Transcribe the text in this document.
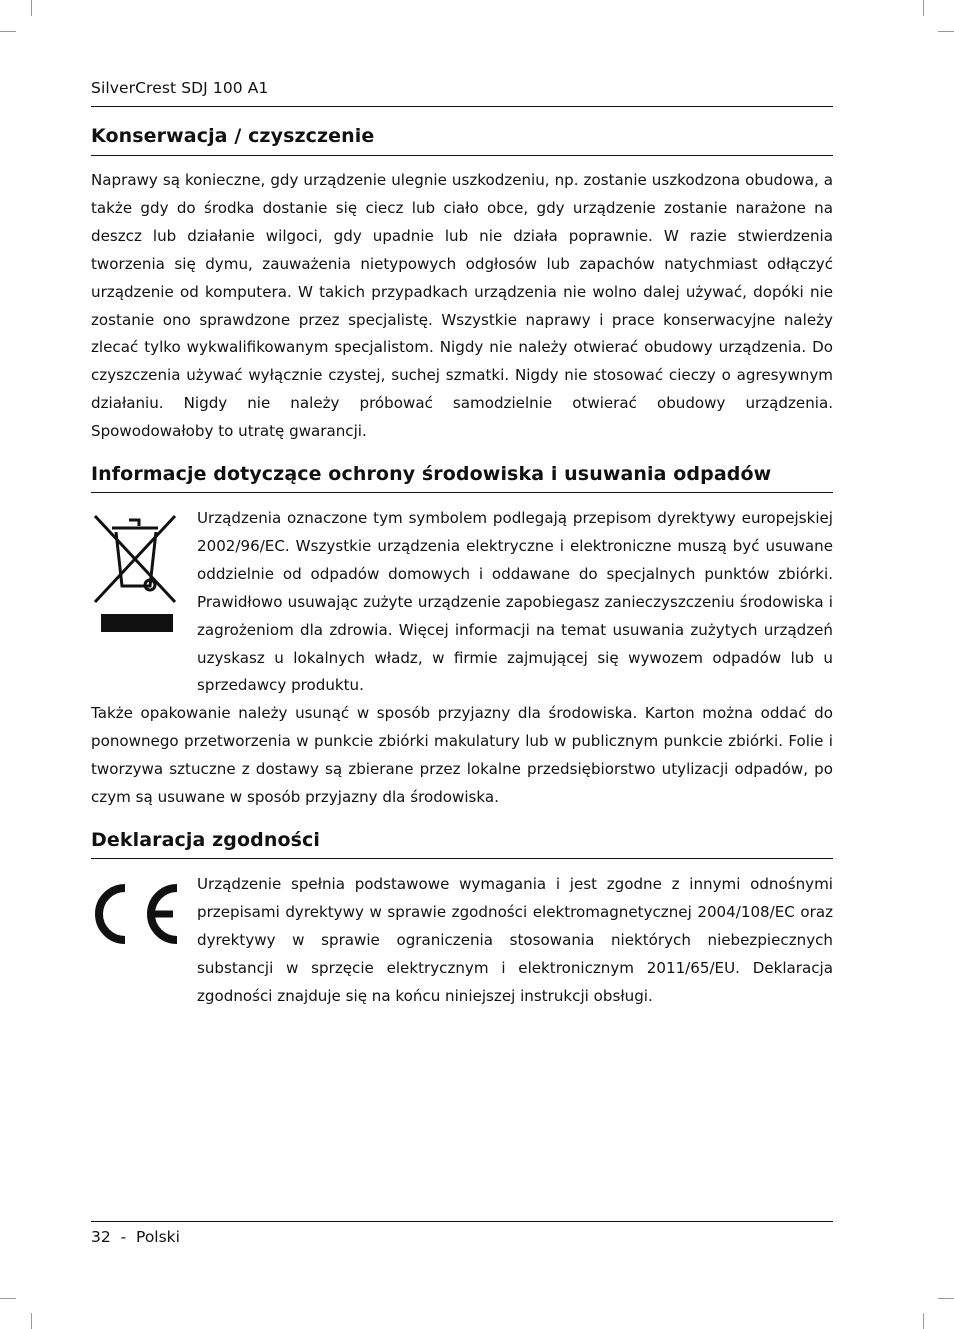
SilverCrest SDJ 100 A1
Konserwacja / czyszczenie

Naprawy są konieczne, gdy urządzenie ulegnie uszkodzeniu, np. zostanie uszkodzona obudowa, a także gdy do środka dostanie się ciecz lub ciało obce, gdy urządzenie zostanie narażone na deszcz lub działanie wilgoci, gdy upadnie lub nie działa poprawnie. W razie stwierdzenia tworzenia się dymu, zauważenia nietypowych odgłosów lub zapachów natychmiast odłączyć urządzenie od komputera. W takich przypadkach urządzenia nie wolno dalej używać, dopóki nie zostanie ono sprawdzone przez specjalistę. Wszystkie naprawy i prace konserwacyjne należy zlecać tylko wykwalifikowanym specjalistom. Nigdy nie należy otwierać obudowy urządzenia. Do czyszczenia używać wyłącznie czystej, suchej szmatki. Nigdy nie stosować cieczy o agresywnym działaniu. Nigdy nie należy próbować samodzielnie otwierać obudowy urządzenia. Spowodowałoby to utratę gwarancji.

Informacje dotyczące ochrony środowiska i usuwania odpadów

Urządzenia oznaczone tym symbolem podlegają przepisom dyrektywy europejskiej 2002/96/EC. Wszystkie urządzenia elektryczne i elektroniczne muszą być usuwane oddzielnie od odpadów domowych i oddawane do specjalnych punktów zbiórki. Prawidłowo usuwając zużyte urządzenie zapobiegasz zanieczyszczeniu środowiska i zagrożeniom dla zdrowia. Więcej informacji na temat usuwania zużytych urządzeń uzyskasz u lokalnych władz, w firmie zajmującej się wywozem odpadów lub u sprzedawcy produktu.

Także opakowanie należy usunąć w sposób przyjazny dla środowiska. Karton można oddać do ponownego przetworzenia w punkcie zbiórki makulatury lub w publicznym punkcie zbiórki. Folie i tworzywa sztuczne z dostawy są zbierane przez lokalne przedsiębiorstwo utylizacji odpadów, po czym są usuwane w sposób przyjazny dla środowiska.

Deklaracja zgodności

Urządzenie spełnia podstawowe wymagania i jest zgodne z innymi odnośnymi przepisami dyrektywy w sprawie zgodności elektromagnetycznej 2004/108/EC oraz dyrektywy w sprawie ograniczenia stosowania niektórych niebezpiecznych substancji w sprzęcie elektrycznym i elektronicznym 2011/65/EU. Deklaracja zgodności znajduje się na końcu niniejszej instrukcji obsługi.

32  -  Polski
